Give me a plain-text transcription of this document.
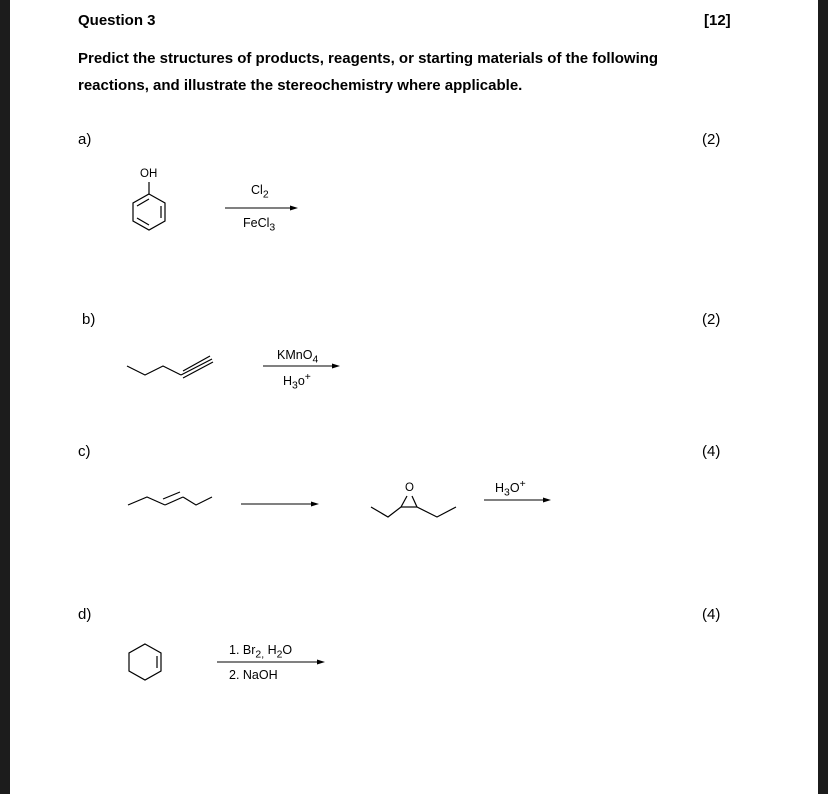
Question 3	[12]
Predict the structures of products, reagents, or starting materials of the following
reactions, and illustrate the stereochemistry where applicable.
a)	(2)
OH
$Cl_2$
FeCl$_3$
b)	(2)
KMnO$_4$
$H_3o^+$
c)	(4)
O	$H_3O^+$
d)	(4)
1. $Br_{2,}$ $H_2O$
2. NaOH
